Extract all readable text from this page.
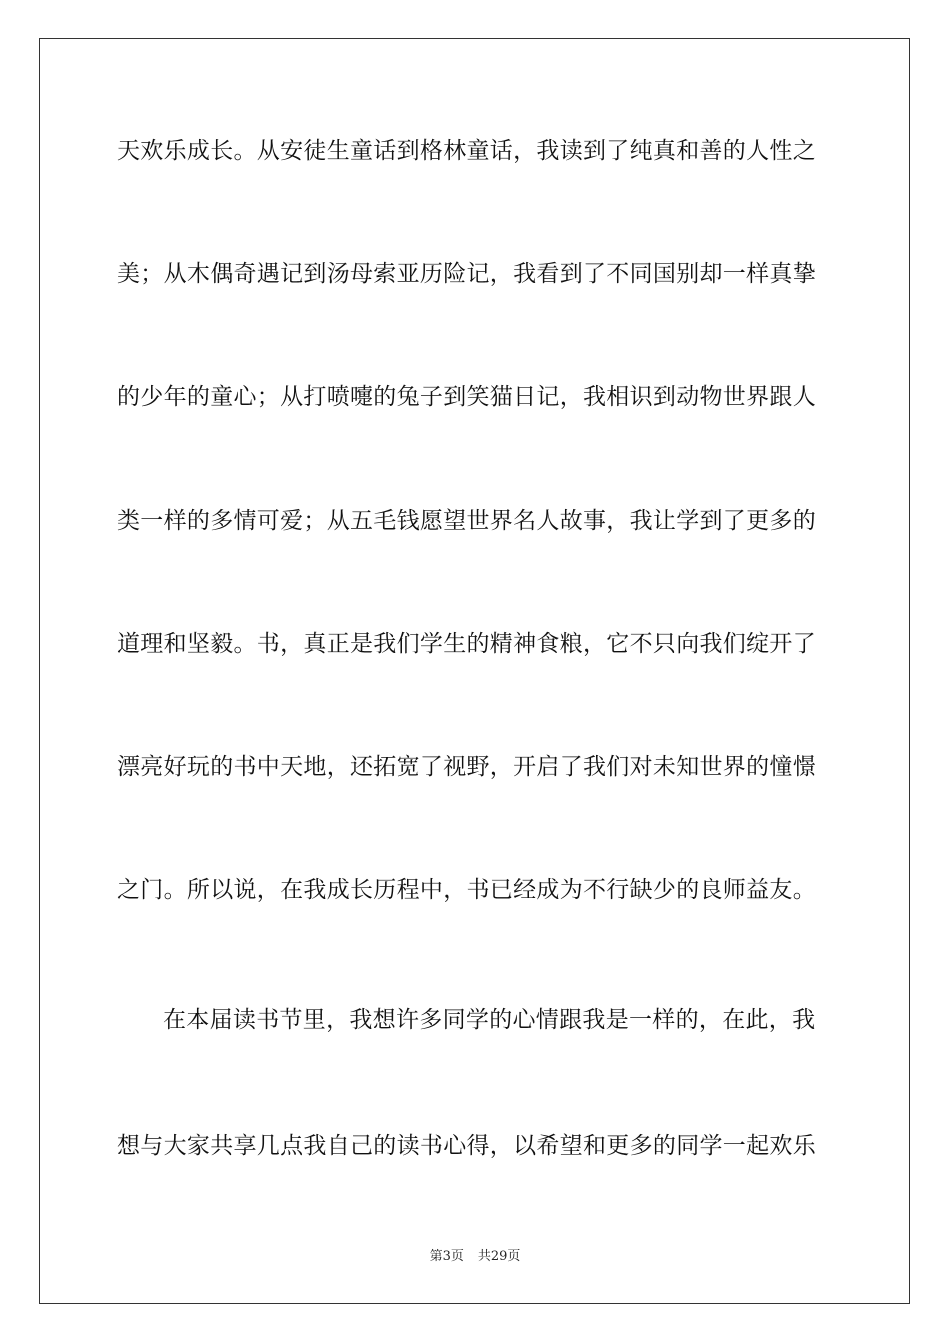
天欢乐成长。从安徒生童话到格林童话，我读到了纯真和善的人性之
美；从木偶奇遇记到汤母索亚历险记，我看到了不同国别却一样真挚
的少年的童心；从打喷嚏的兔子到笑猫日记，我相识到动物世界跟人
类一样的多情可爱；从五毛钱愿望世界名人故事，我让学到了更多的
道理和坚毅。书，真正是我们学生的精神食粮，它不只向我们绽开了
漂亮好玩的书中天地，还拓宽了视野，开启了我们对未知世界的憧憬
之门。所以说，在我成长历程中，书已经成为不行缺少的良师益友。
在本届读书节里，我想许多同学的心情跟我是一样的，在此，我
想与大家共享几点我自己的读书心得，以希望和更多的同学一起欢乐
第3页 共29页
